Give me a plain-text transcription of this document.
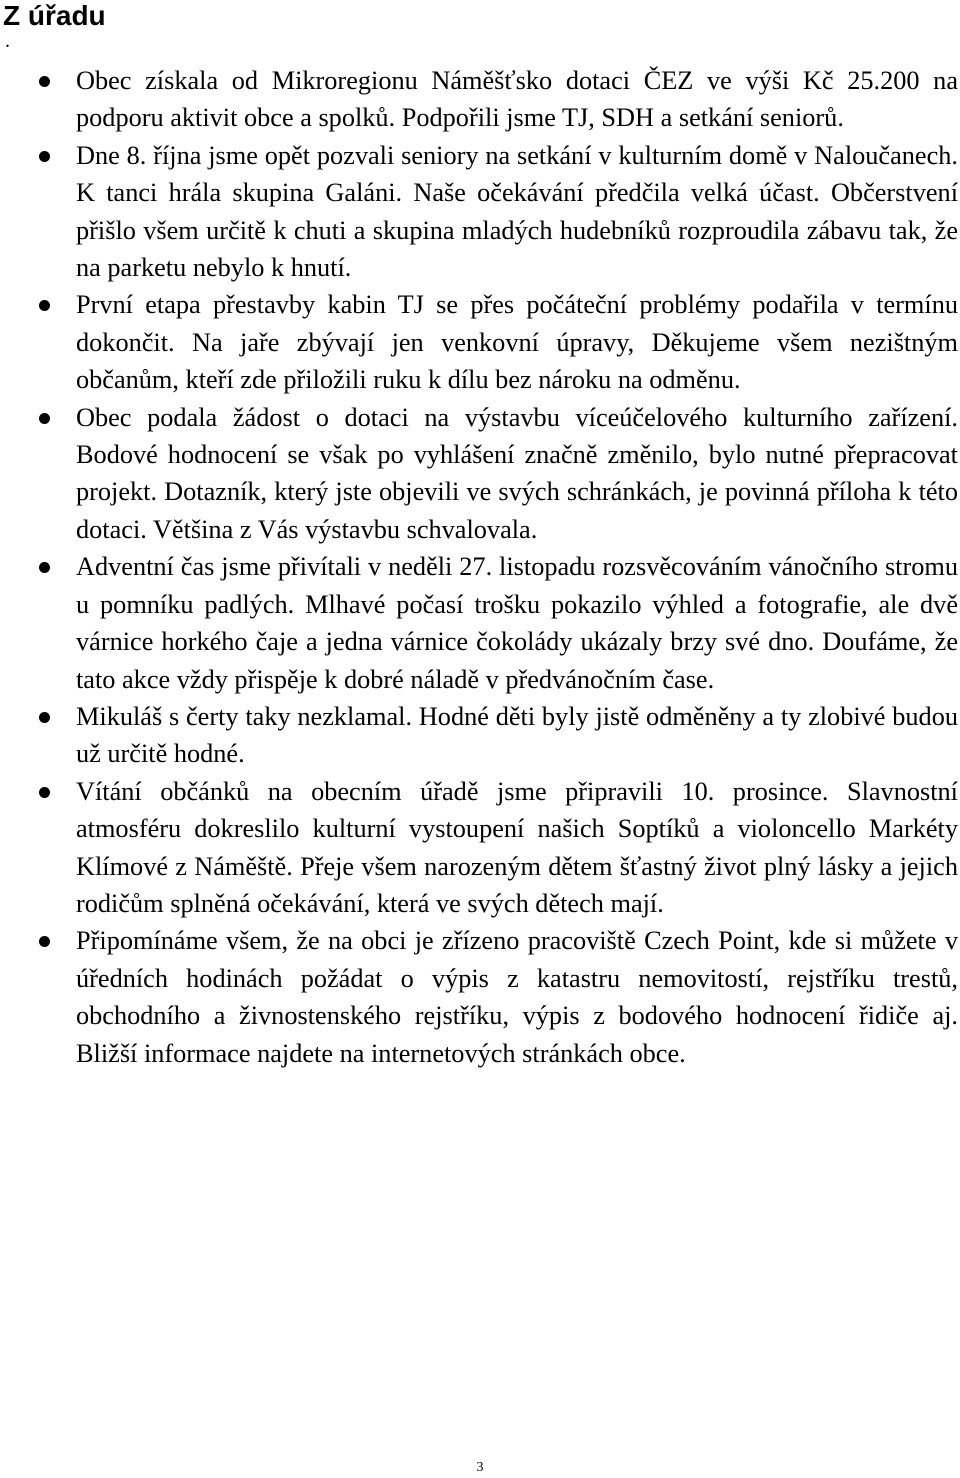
Z úřadu
.
Obec získala od Mikroregionu Náměšťsko dotaci ČEZ ve výši Kč 25.200 na podporu aktivit obce a spolků. Podpořili jsme TJ, SDH a setkání seniorů.
Dne 8. října jsme opět pozvali seniory na setkání v kulturním domě v Naloučanech. K tanci hrála skupina Galáni. Naše očekávání předčila velká účast. Občerstvení přišlo všem určitě k chuti a skupina mladých hudebníků rozproudila zábavu tak, že na parketu nebylo k hnutí.
První etapa přestavby kabin TJ se přes počáteční problémy podařila v termínu dokončit. Na jaře zbývají jen venkovní úpravy, Děkujeme všem nezištným občanům, kteří zde přiložili ruku k dílu bez nároku na odměnu.
Obec podala žádost o dotaci na výstavbu víceúčelového kulturního zařízení. Bodové hodnocení se však po vyhlášení značně změnilo, bylo nutné přepracovat projekt. Dotazník, který jste objevili ve svých schránkách, je povinná příloha k této dotaci. Většina z Vás výstavbu schvalovala.
Adventní čas jsme přivítali v neděli 27. listopadu rozsvěcováním vánočního stromu u pomníku padlých. Mlhavé počasí trošku pokazilo výhled a fotografie, ale dvě várnice horkého čaje a jedna várnice čokolády ukázaly brzy své dno. Doufáme, že tato akce vždy přispěje k dobré náladě v předvánočním čase.
Mikuláš s čerty taky nezklamal. Hodné děti byly jistě odměněny a ty zlobivé budou už určitě hodné.
Vítání občánků na obecním úřadě jsme připravili 10. prosince. Slavnostní atmosféru dokreslilo kulturní vystoupení našich Soptíků a violoncello Markéty Klímové z Náměště. Přeje všem narozeným dětem šťastný život plný lásky a jejich rodičům splněná očekávání, která ve svých dětech mají.
Připomínáme všem, že na obci je zřízeno pracoviště Czech Point, kde si můžete v úředních hodinách požádat o výpis z katastru nemovitostí, rejstříku trestů, obchodního a živnostenského rejstříku, výpis z bodového hodnocení řidiče aj. Bližší informace najdete na internetových stránkách obce.
3
